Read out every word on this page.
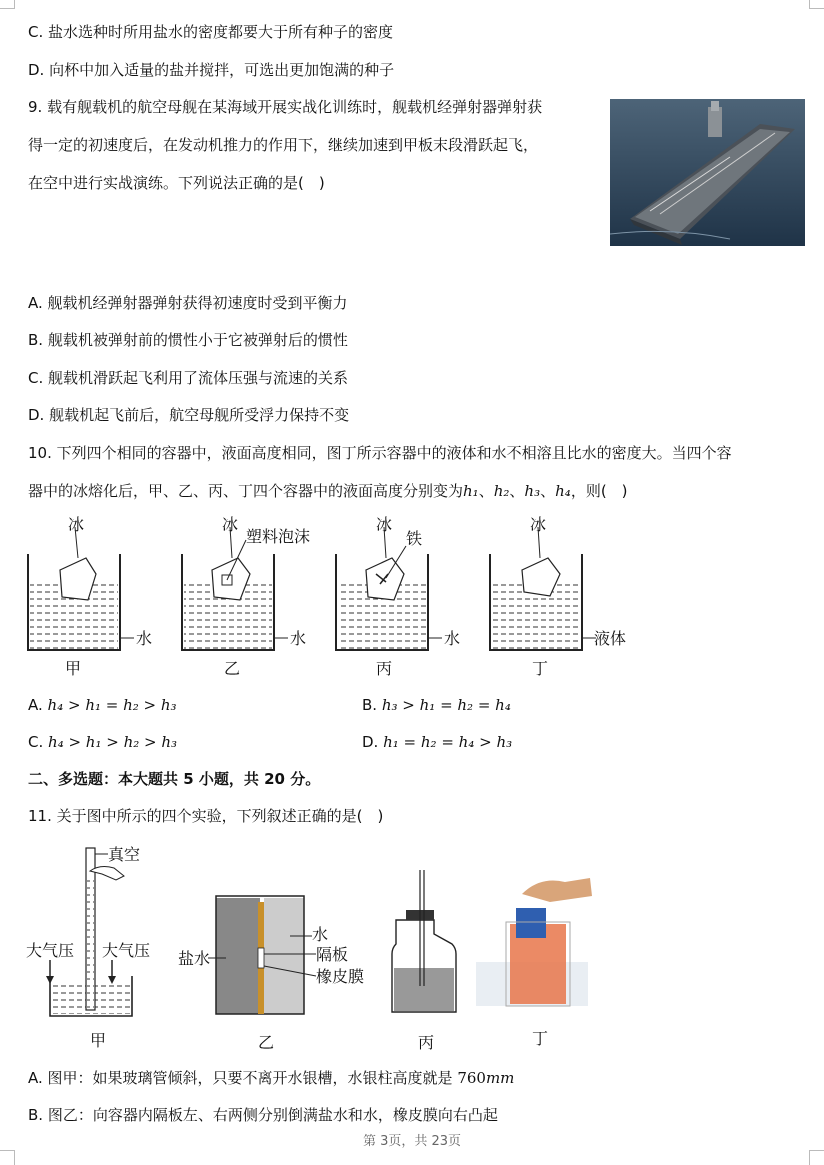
C. 盐水选种时所用盐水的密度都要大于所有种子的密度
D. 向杯中加入适量的盐并搅拌，可选出更加饱满的种子
9. 载有舰载机的航空母舰在某海域开展实战化训练时，舰载机经弹射器弹射获
得一定的初速度后，在发动机推力的作用下，继续加速到甲板末段滑跃起飞，
在空中进行实战演练。下列说法正确的是(　)
A. 舰载机经弹射器弹射获得初速度时受到平衡力
B. 舰载机被弹射前的惯性小于它被弹射后的惯性
C. 舰载机滑跃起飞利用了流体压强与流速的关系
D. 舰载机起飞前后，航空母舰所受浮力保持不变
10. 下列四个相同的容器中，液面高度相同，图丁所示容器中的液体和水不相溶且比水的密度大。当四个容
器中的冰熔化后，甲、乙、丙、丁四个容器中的液面高度分别变为h₁、h₂、h₃、h₄，则(　)
冰
水
甲
冰
塑料泡沫
水
乙
冰
铁
水
丙
冰
液体
丁
A. h₄ > h₁ = h₂ > h₃	B. h₃ > h₁ = h₂ = h₄
C. h₄ > h₁ > h₂ > h₃	D. h₁ = h₂ = h₄ > h₃
二、多选题：本大题共 5 小题，共 20 分。
11. 关于图中所示的四个实验，下列叙述正确的是(　)
真空
大气压 大气压
甲
盐水
水
隔板
橡皮膜
乙	丙	丁
A. 图甲：如果玻璃管倾斜，只要不离开水银槽，水银柱高度就是 760mm
B. 图乙：向容器内隔板左、右两侧分别倒满盐水和水，橡皮膜向右凸起
第 3页，共 23页
